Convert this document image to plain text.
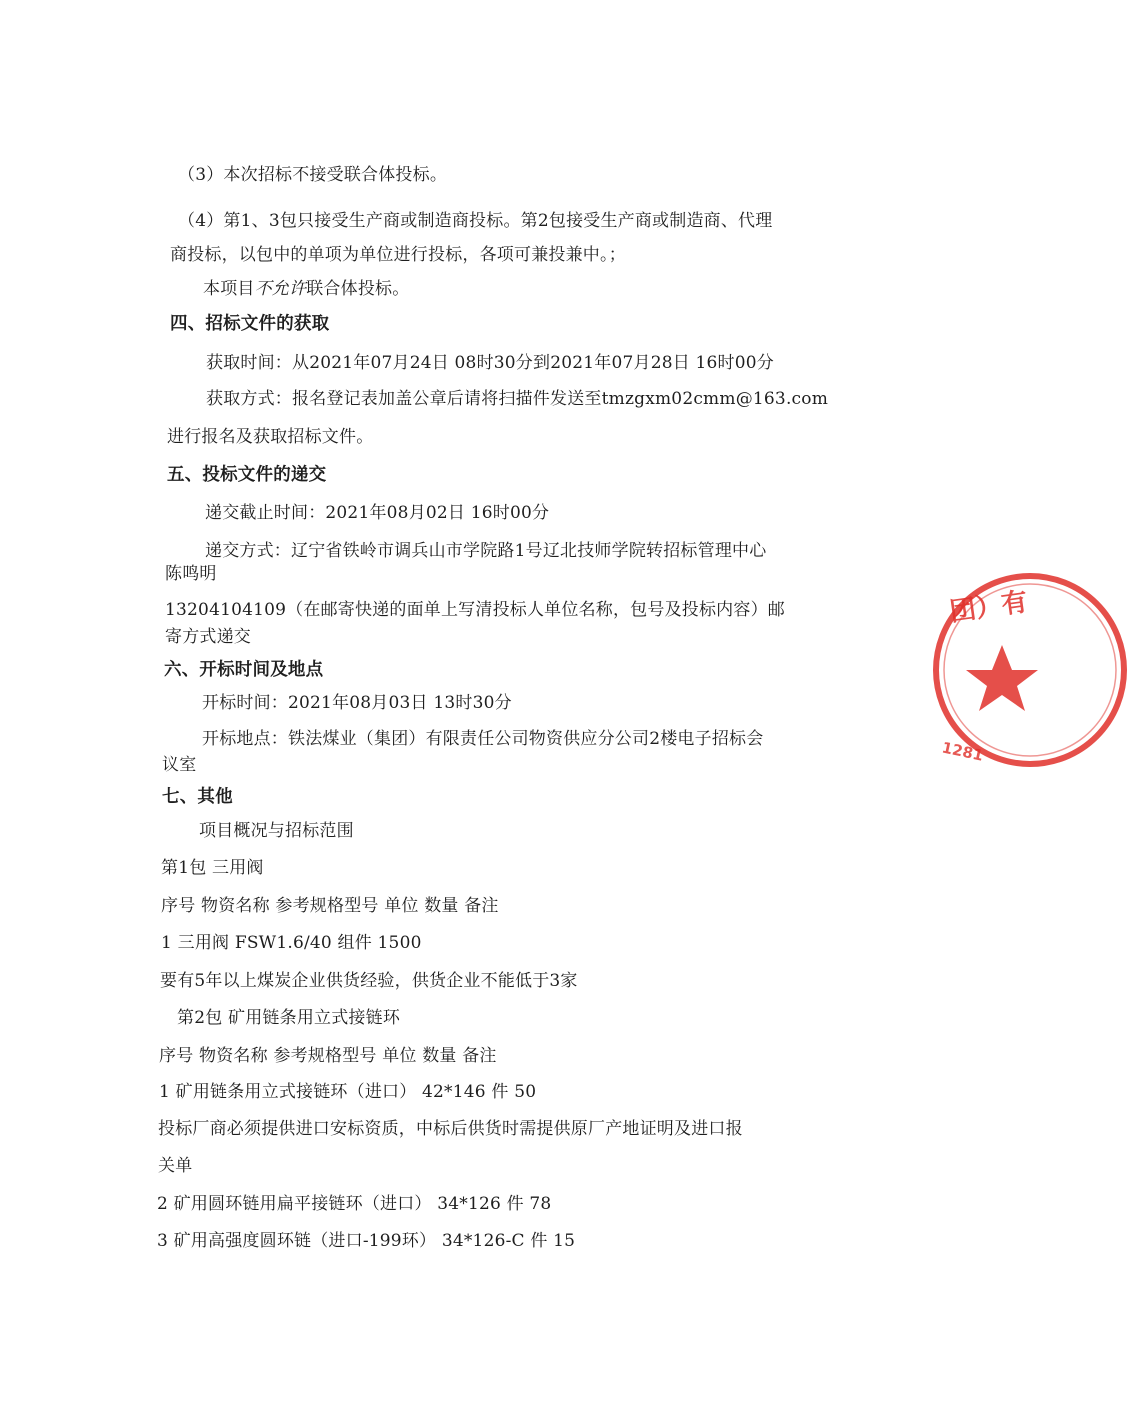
（3）本次招标不接受联合体投标。
（4）第1、3包只接受生产商或制造商投标。第2包接受生产商或制造商、代理
商投标，以包中的单项为单位进行投标，各项可兼投兼中。；
本项目不允许联合体投标。
四、招标文件的获取
获取时间：从2021年07月24日 08时30分到2021年07月28日 16时00分
获取方式：报名登记表加盖公章后请将扫描件发送至tmzgxm02cmm@163.com
进行报名及获取招标文件。
五、投标文件的递交
递交截止时间：2021年08月02日 16时00分
递交方式：辽宁省铁岭市调兵山市学院路1号辽北技师学院转招标管理中心
陈鸣明
13204104109（在邮寄快递的面单上写清投标人单位名称，包号及投标内容）邮
寄方式递交
六、开标时间及地点
开标时间：2021年08月03日 13时30分
开标地点：铁法煤业（集团）有限责任公司物资供应分公司2楼电子招标会
议室
七、其他
项目概况与招标范围
第1包 三用阀
序号 物资名称 参考规格型号 单位 数量 备注
1 三用阀 FSW1.6/40 组件 1500
要有5年以上煤炭企业供货经验，供货企业不能低于3家
第2包 矿用链条用立式接链环
序号 物资名称 参考规格型号 单位 数量 备注
1 矿用链条用立式接链环（进口） 42*146 件 50
投标厂商必须提供进口安标资质，中标后供货时需提供原厂产地证明及进口报
关单
2 矿用圆环链用扁平接链环（进口） 34*126 件 78
3 矿用高强度圆环链（进口-199环） 34*126-C 件 15
团）有
1281
